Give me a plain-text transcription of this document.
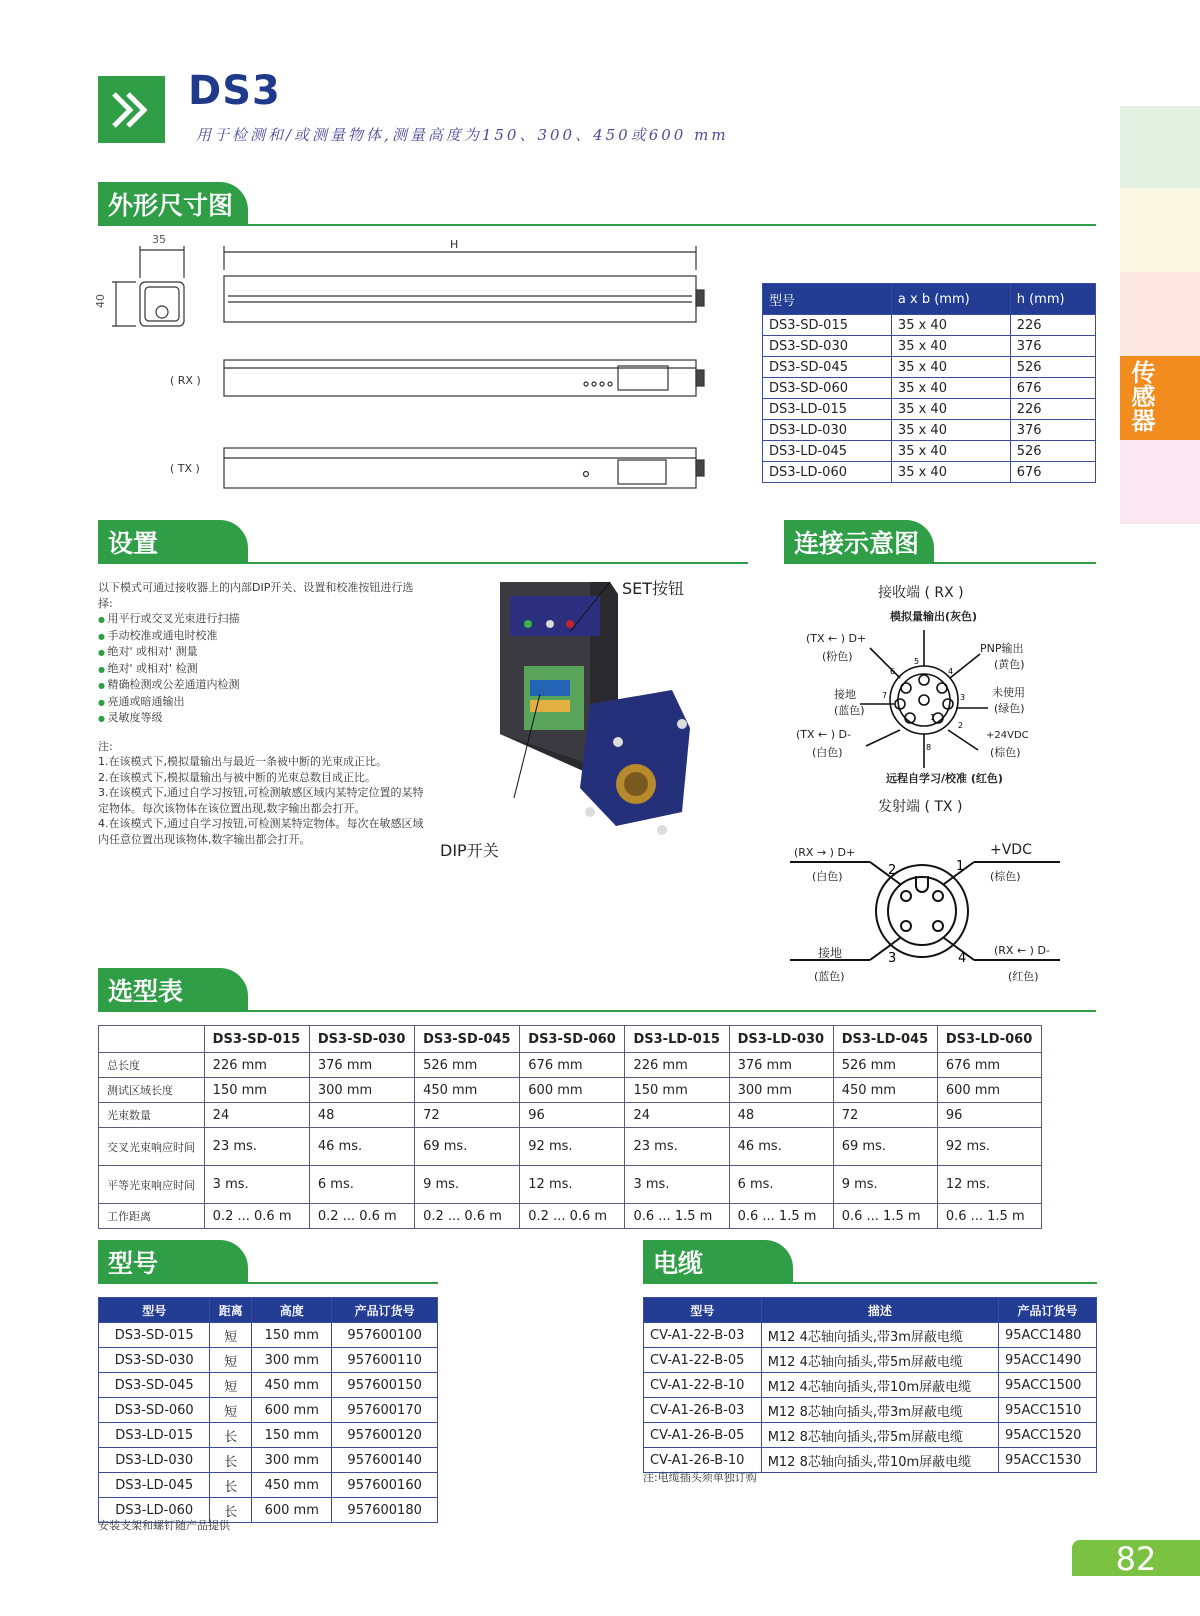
DS3
用于检测和/或测量物体,测量高度为150、300、450或600 mm
传感器
外形尺寸图
35
40
H
( RX )
( TX )
型号	a x b (mm)	h (mm)
DS3-SD-015	35 x 40	226
DS3-SD-030	35 x 40	376
DS3-SD-045	35 x 40	526
DS3-SD-060	35 x 40	676
DS3-LD-015	35 x 40	226
DS3-LD-030	35 x 40	376
DS3-LD-045	35 x 40	526
DS3-LD-060	35 x 40	676
设置	连接示意图
以下模式可通过接收器上的内部DIP开关、设置和校准按钮进行选择:
● 用平行或交叉光束进行扫描
● 手动校准或通电时校准
● 绝对' 或相对' 测量
● 绝对' 或相对' 检测
● 精确检测或公差通道内检测
● 亮通或暗通输出
● 灵敏度等级
注:
1.在该模式下,模拟量输出与最近一条被中断的光束成正比。
2.在该模式下,模拟量输出与被中断的光束总数目成正比。
3.在该模式下,通过自学习按钮,可检测敏感区域内某特定位置的某特定物体。每次该物体在该位置出现,数字输出都会打开。
4.在该模式下,通过自学习按钮,可检测某特定物体。每次在敏感区域内任意位置出现该物体,数字输出都会打开。
SET按钮
DIP开关
接收端 ( RX )
模拟量输出(灰色)
(TX ← ) D+
(粉色)
PNP输出
(黄色)
接地
(蓝色)
未使用
(绿色)
(TX ← ) D-
(白色)
+24VDC
(棕色)
远程自学习/校准 (红色)
5
4
3
2
7
6
8
1
发射端 ( TX )
(RX → ) D+
(白色)
+VDC
(棕色)
接地
(蓝色)
(RX ← ) D-
(红色)
2	1
3	4
选型表
	DS3-SD-015	DS3-SD-030	DS3-SD-045	DS3-SD-060	DS3-LD-015	DS3-LD-030	DS3-LD-045	DS3-LD-060
总长度	226 mm	376 mm	526 mm	676 mm	226 mm	376 mm	526 mm	676 mm
测试区域长度	150 mm	300 mm	450 mm	600 mm	150 mm	300 mm	450 mm	600 mm
光束数量	24	48	72	96	24	48	72	96
交叉光束响应时间	23 ms.	46 ms.	69 ms.	92 ms.	23 ms.	46 ms.	69 ms.	92 ms.
平等光束响应时间	3 ms.	6 ms.	9 ms.	12 ms.	3 ms.	6 ms.	9 ms.	12 ms.
工作距离	0.2 ... 0.6 m	0.2 ... 0.6 m	0.2 ... 0.6 m	0.2 ... 0.6 m	0.6 ... 1.5 m	0.6 ... 1.5 m	0.6 ... 1.5 m	0.6 ... 1.5 m
型号
型号	距离	高度	产品订货号
DS3-SD-015	短	150 mm	957600100
DS3-SD-030	短	300 mm	957600110
DS3-SD-045	短	450 mm	957600150
DS3-SD-060	短	600 mm	957600170
DS3-LD-015	长	150 mm	957600120
DS3-LD-030	长	300 mm	957600140
DS3-LD-045	长	450 mm	957600160
DS3-LD-060	长	600 mm	957600180
安装支架和螺钉随产品提供
电缆
型号	描述	产品订货号
CV-A1-22-B-03	M12 4芯轴向插头,带3m屏蔽电缆	95ACC1480
CV-A1-22-B-05	M12 4芯轴向插头,带5m屏蔽电缆	95ACC1490
CV-A1-22-B-10	M12 4芯轴向插头,带10m屏蔽电缆	95ACC1500
CV-A1-26-B-03	M12 8芯轴向插头,带3m屏蔽电缆	95ACC1510
CV-A1-26-B-05	M12 8芯轴向插头,带5m屏蔽电缆	95ACC1520
CV-A1-26-B-10	M12 8芯轴向插头,带10m屏蔽电缆	95ACC1530
注:电缆插头须单独订购
82
